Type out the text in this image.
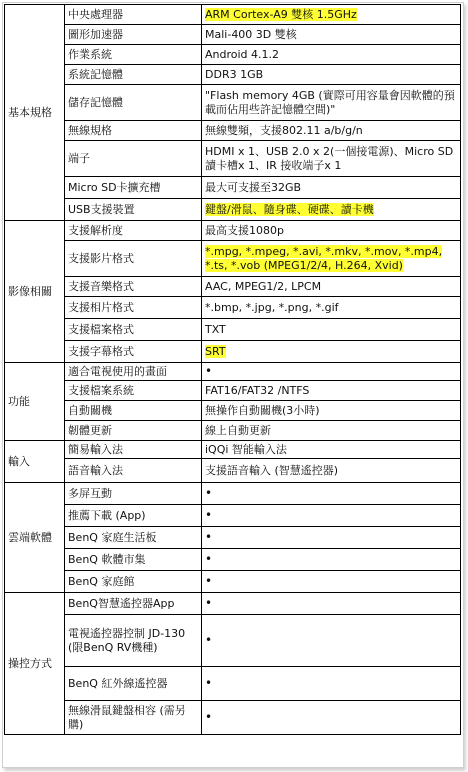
基本規格	中央處理器	ARM Cortex-A9 雙核 1.5GHz
	圖形加速器	Mali-400 3D 雙核
	作業系統	Android 4.1.2
	系統記憶體	DDR3 1GB
	儲存記憶體	"Flash memory 4GB (實際可用容量會因軟體的預載而佔用些許記憶體空間)"
	無線規格	無線雙頻，支援802.11 a/b/g/n
	端子	HDMI x 1、USB 2.0 x 2(一個接電源)、Micro SD讀卡槽x 1、IR 接收端子x 1
	Micro SD卡擴充槽	最大可支援至32GB
	USB支援裝置	鍵盤/滑鼠、隨身碟、硬碟、讀卡機
影像相關	支援解析度	最高支援1080p
	支援影片格式	*.mpg, *.mpeg, *.avi, *.mkv, *.mov, *.mp4, *.ts, *.vob (MPEG1/2/4, H.264, Xvid)
	支援音樂格式	AAC, MPEG1/2, LPCM
	支援相片格式	*.bmp, *.jpg, *.png, *.gif
	支援檔案格式	TXT
	支援字幕格式	SRT
功能	適合電視使用的畫面	•
	支援檔案系統	FAT16/FAT32 /NTFS
	自動關機	無操作自動關機(3小時)
	韌體更新	線上自動更新
輸入	簡易輸入法	iQQi 智能輸入法
	語音輸入法	支援語音輸入 (智慧遙控器)
雲端軟體	多屏互動	•
	推薦下載 (App)	•
	BenQ 家庭生活板	•
	BenQ 軟體市集	•
	BenQ 家庭館	•
操控方式	BenQ智慧遙控器App	•
	電視遙控器控制 JD-130 (限BenQ RV機種)	•
	BenQ 紅外線遙控器	•
	無線滑鼠鍵盤相容 (需另購)	•
